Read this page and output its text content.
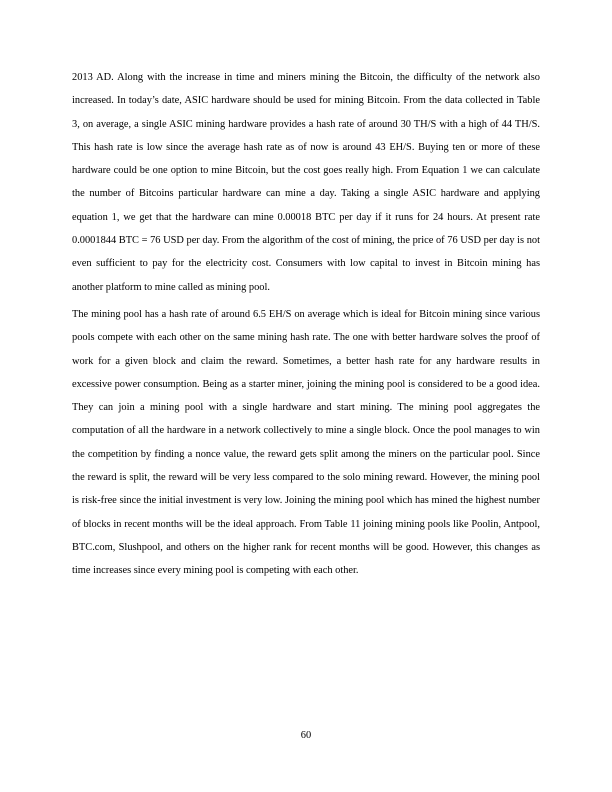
2013 AD. Along with the increase in time and miners mining the Bitcoin, the difficulty of the network also increased. In today’s date, ASIC hardware should be used for mining Bitcoin. From the data collected in Table 3, on average, a single ASIC mining hardware provides a hash rate of around 30 TH/S with a high of 44 TH/S. This hash rate is low since the average hash rate as of now is around 43 EH/S. Buying ten or more of these hardware could be one option to mine Bitcoin, but the cost goes really high. From Equation 1 we can calculate the number of Bitcoins particular hardware can mine a day. Taking a single ASIC hardware and applying equation 1, we get that the hardware can mine 0.00018 BTC per day if it runs for 24 hours. At present rate 0.0001844 BTC = 76 USD per day. From the algorithm of the cost of mining, the price of 76 USD per day is not even sufficient to pay for the electricity cost. Consumers with low capital to invest in Bitcoin mining has another platform to mine called as mining pool.

The mining pool has a hash rate of around 6.5 EH/S on average which is ideal for Bitcoin mining since various pools compete with each other on the same mining hash rate. The one with better hardware solves the proof of work for a given block and claim the reward. Sometimes, a better hash rate for any hardware results in excessive power consumption. Being as a starter miner, joining the mining pool is considered to be a good idea. They can join a mining pool with a single hardware and start mining. The mining pool aggregates the computation of all the hardware in a network collectively to mine a single block. Once the pool manages to win the competition by finding a nonce value, the reward gets split among the miners on the particular pool. Since the reward is split, the reward will be very less compared to the solo mining reward. However, the mining pool is risk-free since the initial investment is very low. Joining the mining pool which has mined the highest number of blocks in recent months will be the ideal approach. From Table 11 joining mining pools like Poolin, Antpool, BTC.com, Slushpool, and others on the higher rank for recent months will be good. However, this changes as time increases since every mining pool is competing with each other.

60
